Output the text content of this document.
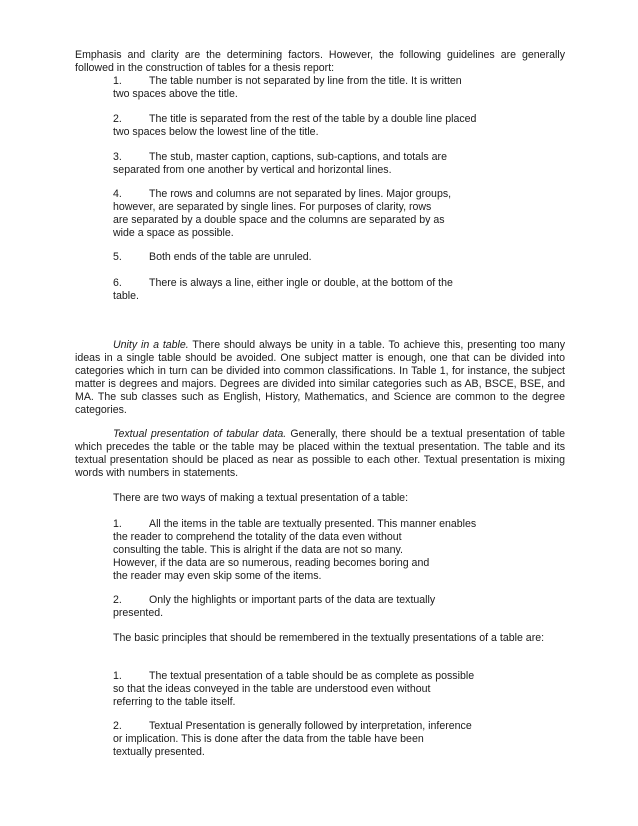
Emphasis and clarity are the determining factors. However, the following guidelines are generally followed in the construction of tables for a thesis report:

1.	The table number is not separated by line from the title. It is written
two spaces above the title.
2.	The title is separated from the rest of the table by a double line placed
two spaces below the lowest line of the title.
3.	The stub, master caption, captions, sub-captions, and totals are
separated from one another by vertical and horizontal lines.
4.	The rows and columns are not separated by lines. Major groups,
however, are separated by single lines. For purposes of clarity, rows
are separated by a double space and the columns are separated by as
wide a space as possible.
5.	Both ends of the table are unruled.
6.	There is always a line, either ingle or double, at the bottom of the
table.

Unity in a table. There should always be unity in a table. To achieve this, presenting too many ideas in a single table should be avoided. One subject matter is enough, one that can be divided into categories which in turn can be divided into common classifications. In Table 1, for instance, the subject matter is degrees and majors. Degrees are divided into similar categories such as AB, BSCE, BSE, and MA. The sub classes such as English, History, Mathematics, and Science are common to the degree categories.

Textual presentation of tabular data. Generally, there should be a textual presentation of table which precedes the table or the table may be placed within the textual presentation. The table and its textual presentation should be placed as near as possible to each other. Textual presentation is mixing words with numbers in statements.

There are two ways of making a textual presentation of a table:

1.	All the items in the table are textually presented. This manner enables
the reader to comprehend the totality of the data even without
consulting the table. This is alright if the data are not so many.
However, if the data are so numerous, reading becomes boring and
the reader may even skip some of the items.
2.	Only the highlights or important parts of the data are textually
presented.

The basic principles that should be remembered in the textually presentations of a table are:

1.	The textual presentation of a table should be as complete as possible
so that the ideas conveyed in the table are understood even without
referring to the table itself.
2.	Textual Presentation is generally followed by interpretation, inference
or implication. This is done after the data from the table have been
textually presented.
